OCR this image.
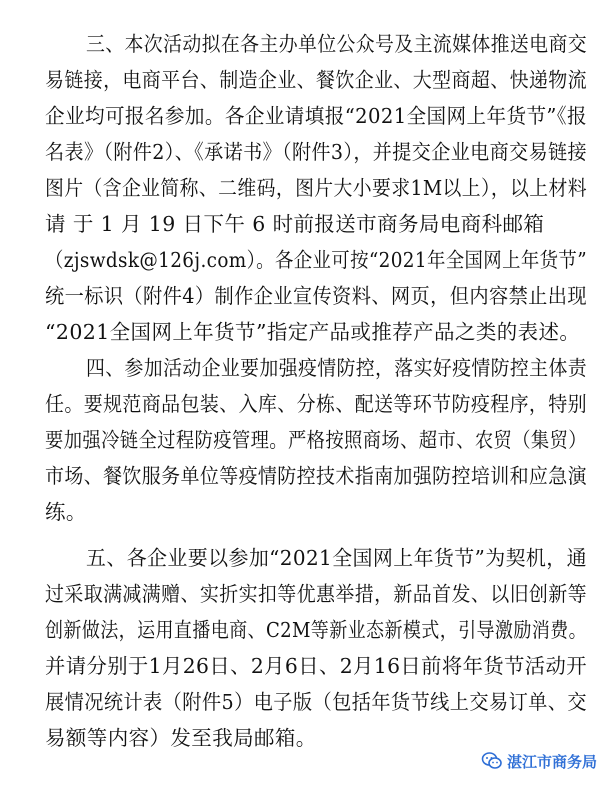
三、本次活动拟在各主办单位公众号及主流媒体推送电商交
易链接，电商平台、制造企业、餐饮企业、大型商超、快递物流
企业均可报名参加。各企业请填报“2021全国网上年货节”《报
名表》（附件2）、《承诺书》（附件3），并提交企业电商交易链接
图片（含企业简称、二维码，图片大小要求1M以上），以上材料
请 于 1 月 19 日下午 6 时前报送市商务局电商科邮箱
（zjswdsk@126j.com）。各企业可按“2021年全国网上年货节”
统一标识（附件4）制作企业宣传资料、网页，但内容禁止出现
“2021全国网上年货节”指定产品或推荐产品之类的表述。
四、参加活动企业要加强疫情防控，落实好疫情防控主体责
任。要规范商品包装、入库、分栋、配送等环节防疫程序，特别
要加强冷链全过程防疫管理。严格按照商场、超市、农贸（集贸）
市场、餐饮服务单位等疫情防控技术指南加强防控培训和应急演
练。
五、各企业要以参加“2021全国网上年货节”为契机，通
过采取满减满赠、实折实扣等优惠举措，新品首发、以旧创新等
创新做法，运用直播电商、C2M等新业态新模式，引导激励消费。
并请分别于1月26日、2月6日、2月16日前将年货节活动开
展情况统计表（附件5）电子版（包括年货节线上交易订单、交
易额等内容）发至我局邮箱。
湛江市商务局
